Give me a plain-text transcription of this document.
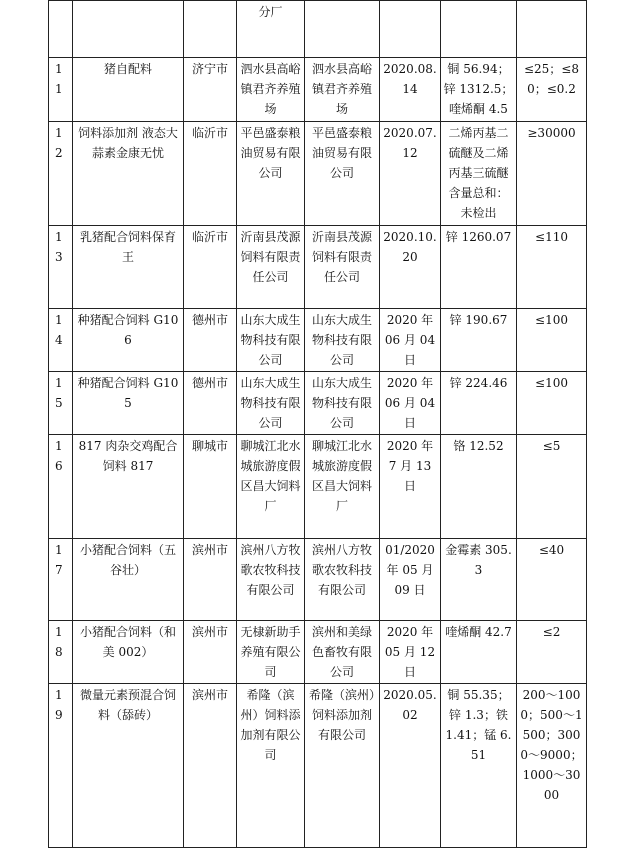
			分厂				
11	猪自配料	济宁市	泗水县高峪镇君齐养殖场	泗水县高峪镇君齐养殖场	2020.08.14	铜 56.94；锌 1312.5；喹烯酮 4.5	≤25；≤80；≤0.2
12	饲料添加剂 液态大蒜素金康无忧	临沂市	平邑盛泰粮油贸易有限公司	平邑盛泰粮油贸易有限公司	2020.07.12	二烯丙基二硫醚及二烯丙基三硫醚含量总和：未检出	≥30000
13	乳猪配合饲料保育王	临沂市	沂南县茂源饲料有限责任公司	沂南县茂源饲料有限责任公司	2020.10.20	锌 1260.07	≤110
14	种猪配合饲料 G106	德州市	山东大成生物科技有限公司	山东大成生物科技有限公司	2020 年 06 月 04 日	锌 190.67	≤100
15	种猪配合饲料 G105	德州市	山东大成生物科技有限公司	山东大成生物科技有限公司	2020 年 06 月 04 日	锌 224.46	≤100
16	817 肉杂交鸡配合饲料 817	聊城市	聊城江北水城旅游度假区昌大饲料厂	聊城江北水城旅游度假区昌大饲料厂	2020 年 7 月 13 日	铬 12.52	≤5
17	小猪配合饲料（五谷壮）	滨州市	滨州八方牧歌农牧科技有限公司	滨州八方牧歌农牧科技有限公司	01/2020 年 05 月 09 日	金霉素 305.3	≤40
18	小猪配合饲料（和美 002）	滨州市	无棣新助手养殖有限公司	滨州和美绿色畜牧有限公司	2020 年 05 月 12 日	喹烯酮 42.7	≤2
19	微量元素预混合饲料（舔砖）	滨州市	希隆（滨州）饲料添加剂有限公司	希隆（滨州）饲料添加剂有限公司	2020.05.02	铜 55.35；锌 1.3；铁 1.41；锰 6.51	200～1000；500～1500；3000～9000；1000～3000
